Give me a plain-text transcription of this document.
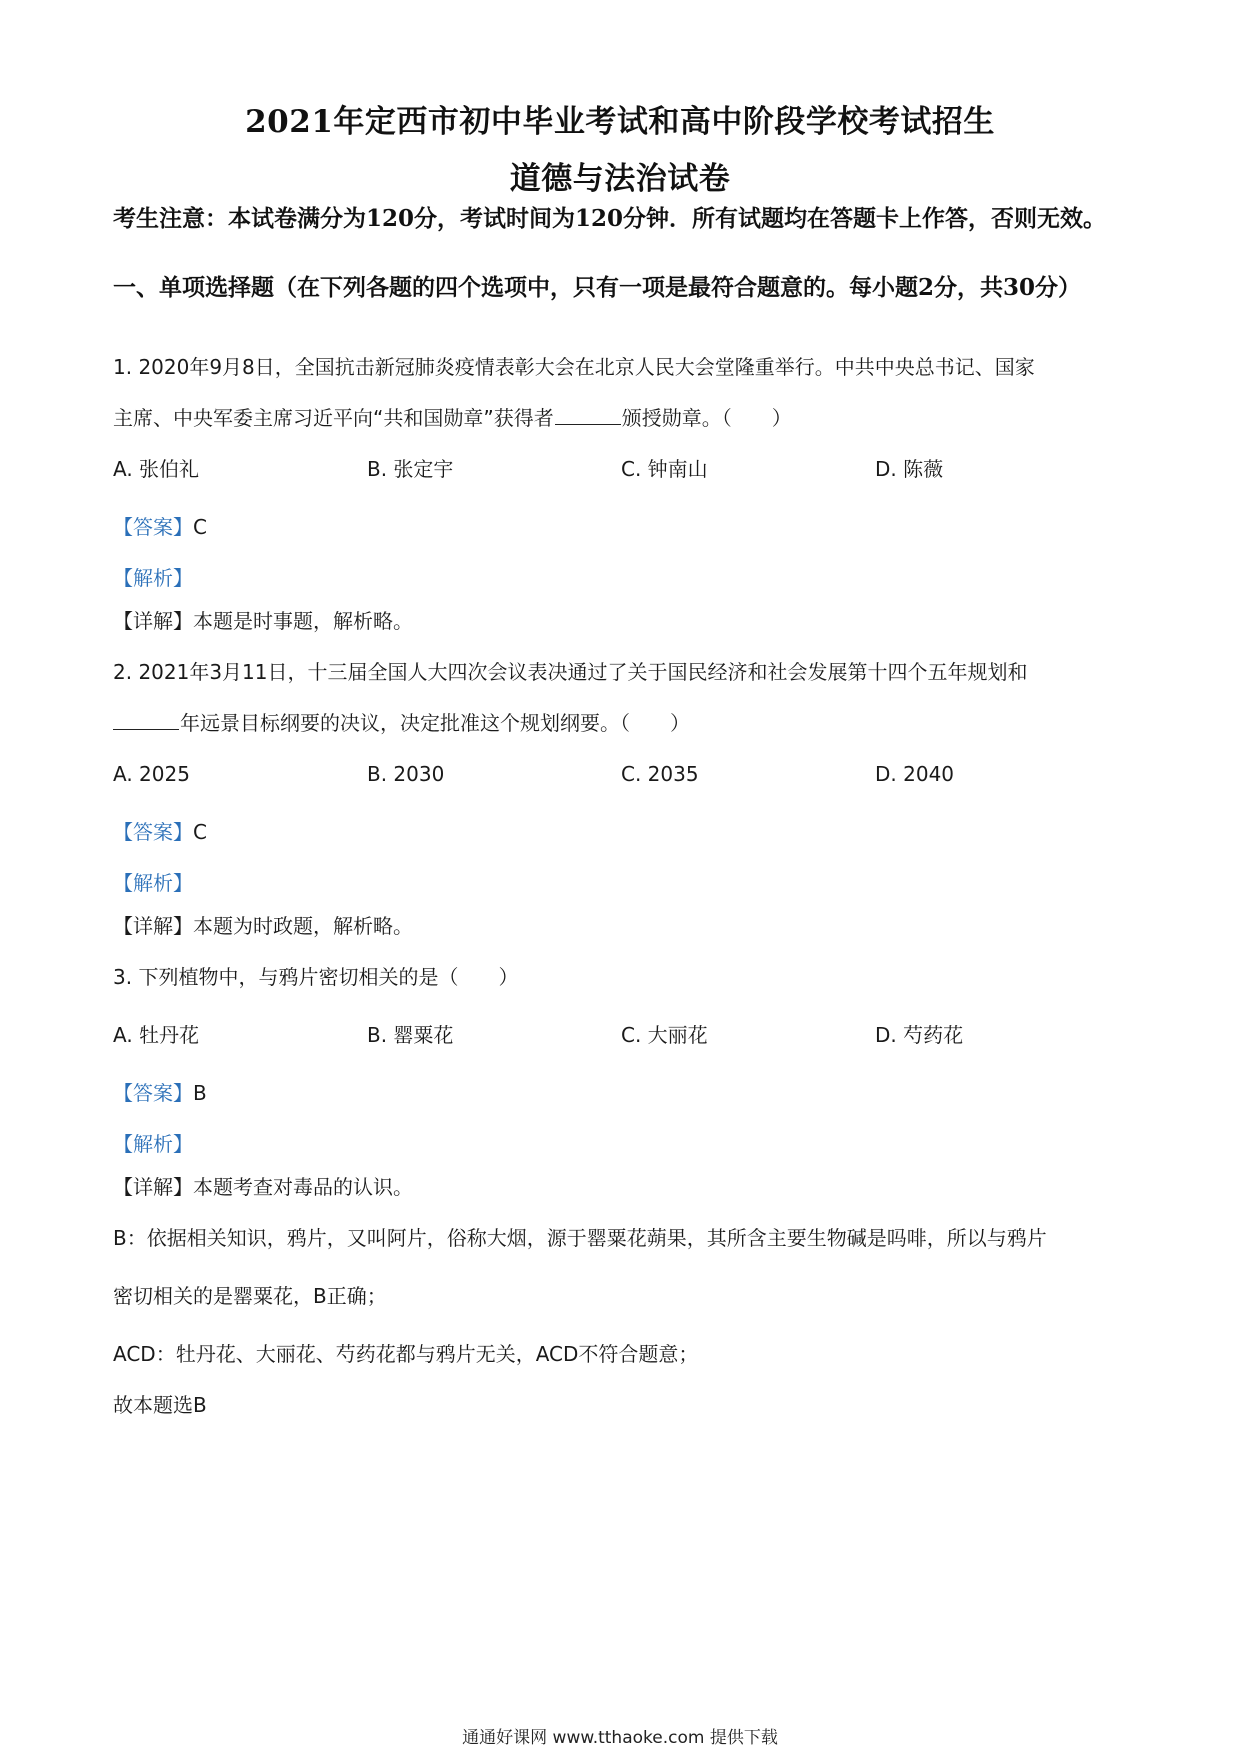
2021年定西市初中毕业考试和高中阶段学校考试招生
道德与法治试卷
考生注意：本试卷满分为120分，考试时间为120分钟．所有试题均在答题卡上作答，否则无效。
一、单项选择题（在下列各题的四个选项中，只有一项是最符合题意的。每小题2分，共30分）
1. 2020年9月8日，全国抗击新冠肺炎疫情表彰大会在北京人民大会堂隆重举行。中共中央总书记、国家
主席、中央军委主席习近平向“共和国勋章”获得者	颁授勋章。（　　）
A. 张伯礼	B. 张定宇	C. 钟南山	D. 陈薇
【答案】C
【解析】
【详解】本题是时事题，解析略。
2. 2021年3月11日，十三届全国人大四次会议表决通过了关于国民经济和社会发展第十四个五年规划和
年远景目标纲要的决议，决定批准这个规划纲要。（　　）
A. 2025	B. 2030	C. 2035	D. 2040
【答案】C
【解析】
【详解】本题为时政题，解析略。
3. 下列植物中，与鸦片密切相关的是（　　）
A. 牡丹花	B. 罂粟花	C. 大丽花	D. 芍药花
【答案】B
【解析】
【详解】本题考查对毒品的认识。
B：依据相关知识，鸦片，又叫阿片，俗称大烟，源于罂粟花蒴果，其所含主要生物碱是吗啡，所以与鸦片
密切相关的是罂粟花，B正确；
ACD：牡丹花、大丽花、芍药花都与鸦片无关，ACD不符合题意；
故本题选B
通通好课网 www.tthaoke.com 提供下载
